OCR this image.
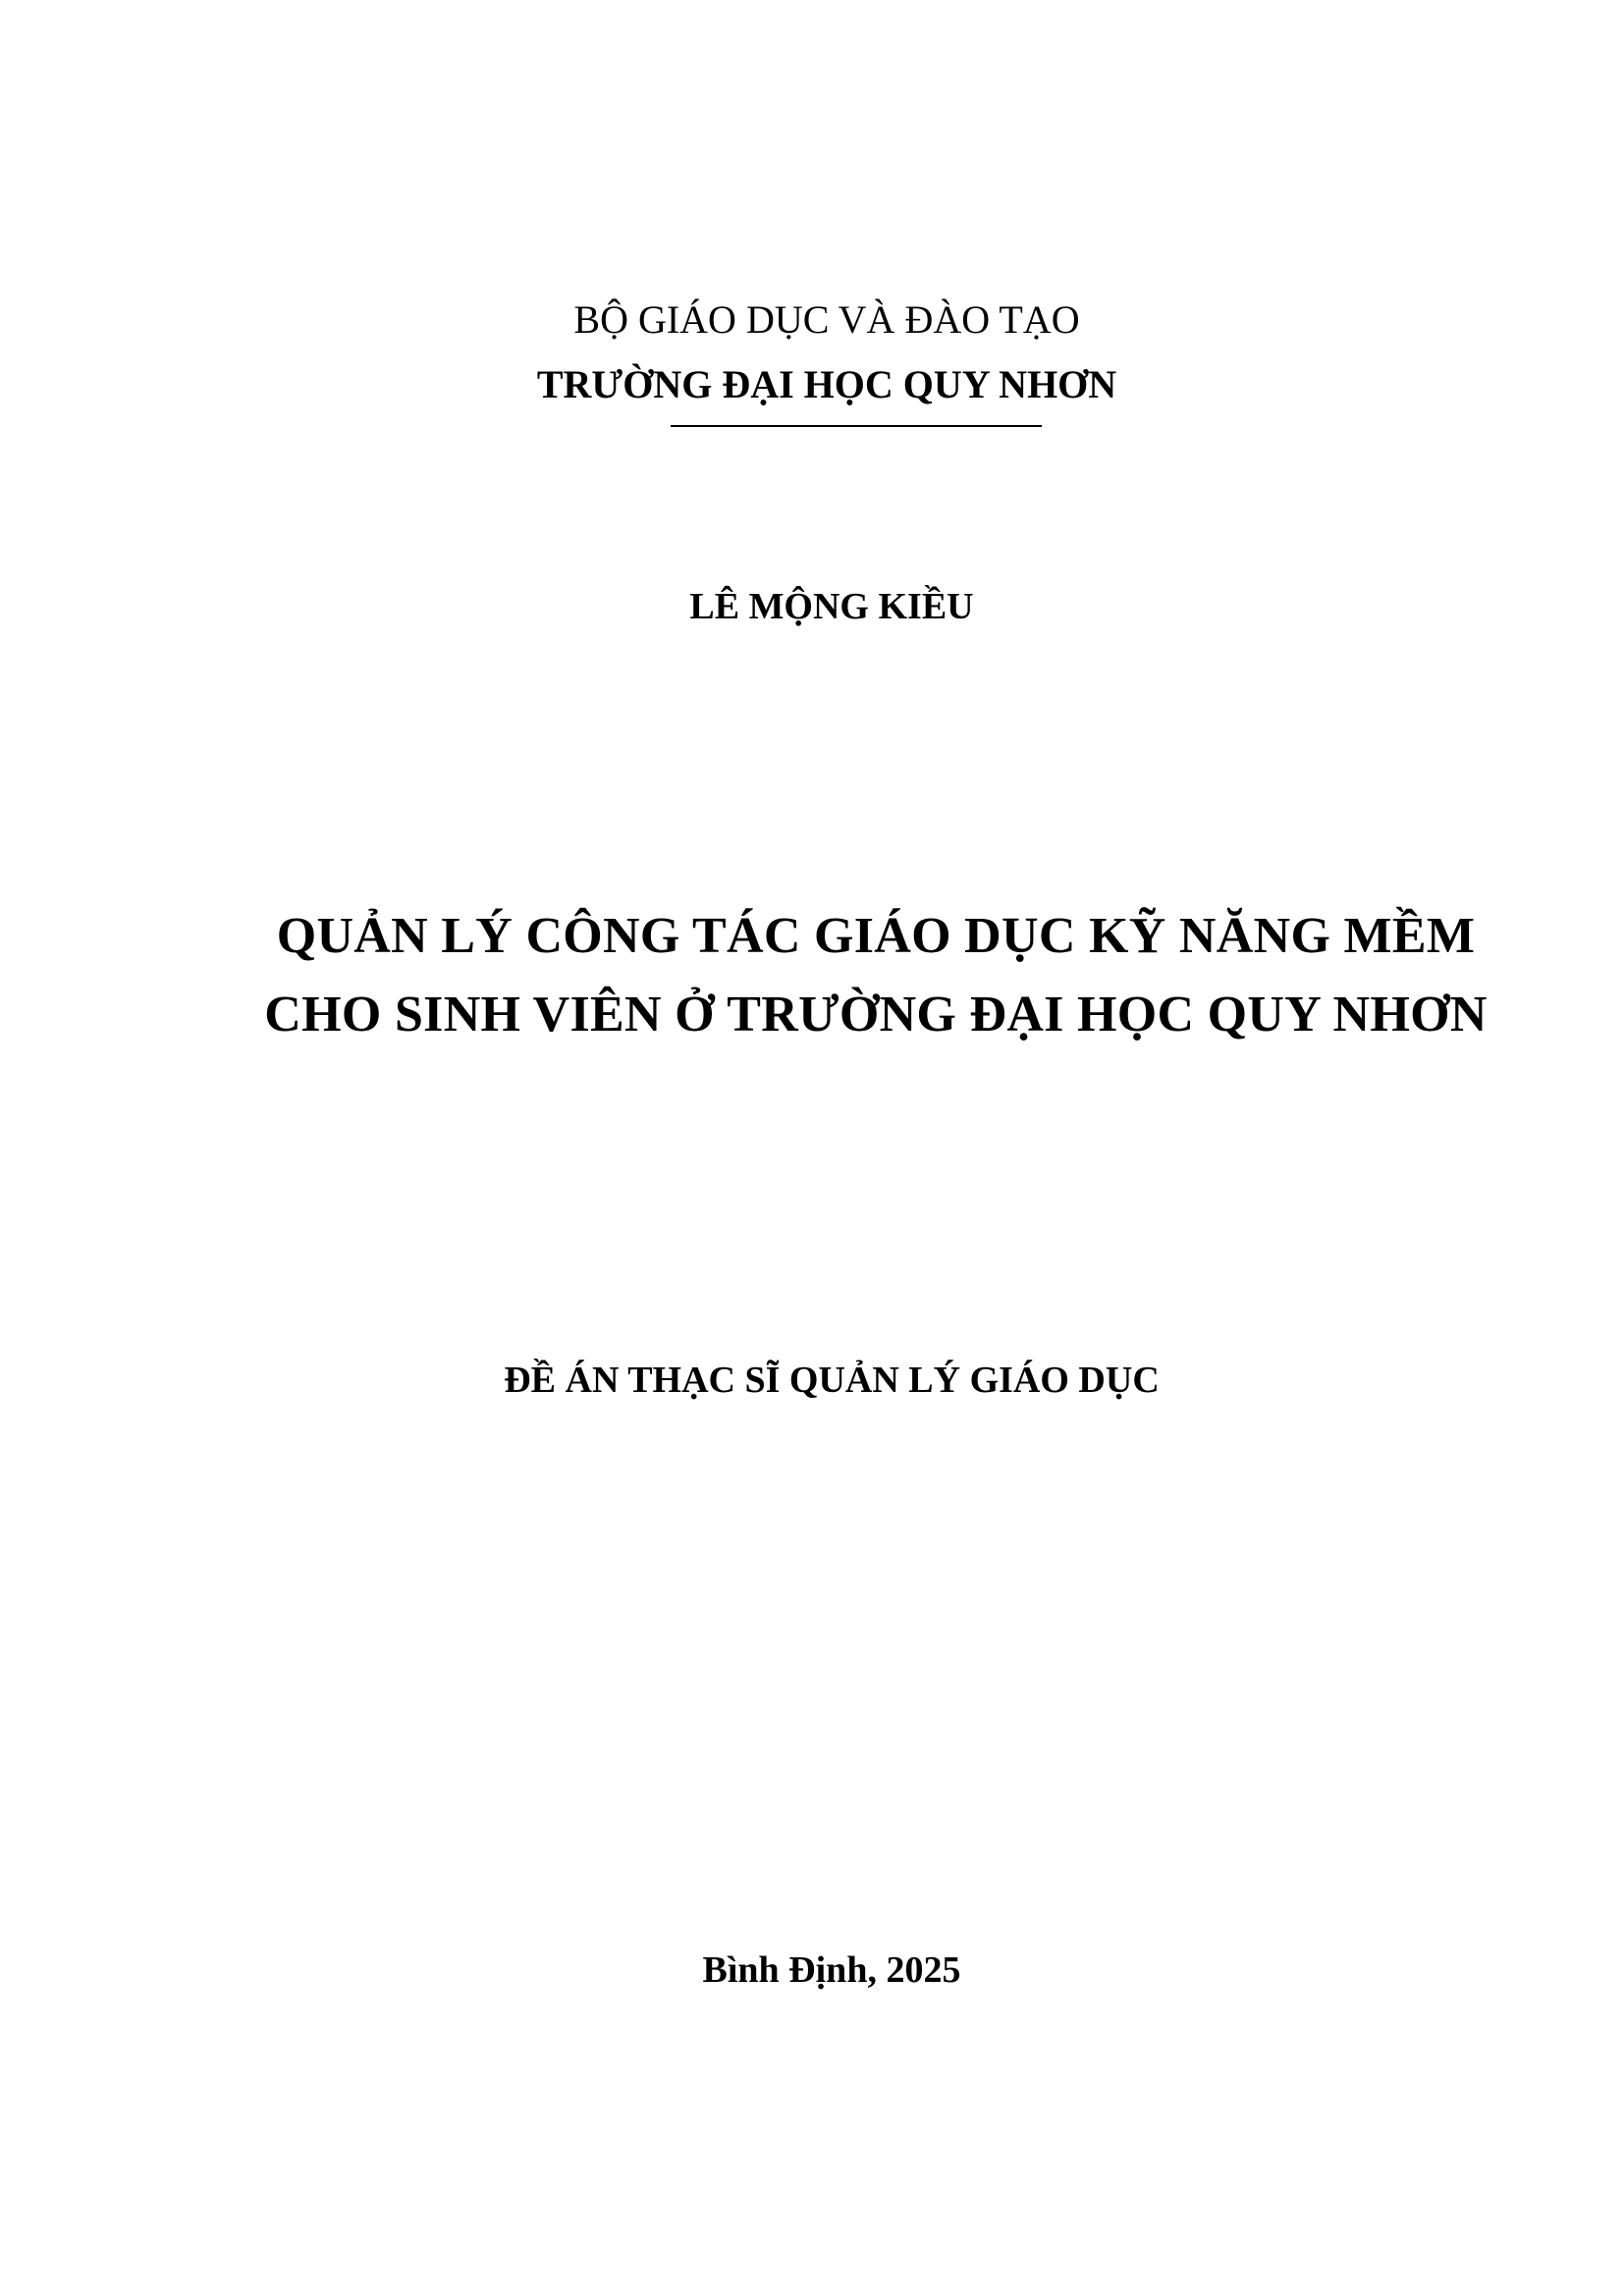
BỘ GIÁO DỤC VÀ ĐÀO TẠO
TRƯỜNG ĐẠI HỌC QUY NHƠN
LÊ MỘNG KIỀU
QUẢN LÝ CÔNG TÁC GIÁO DỤC KỸ NĂNG MỀM
CHO SINH VIÊN Ở TRƯỜNG ĐẠI HỌC QUY NHƠN
ĐỀ ÁN THẠC SĨ QUẢN LÝ GIÁO DỤC
Bình Định, 2025
